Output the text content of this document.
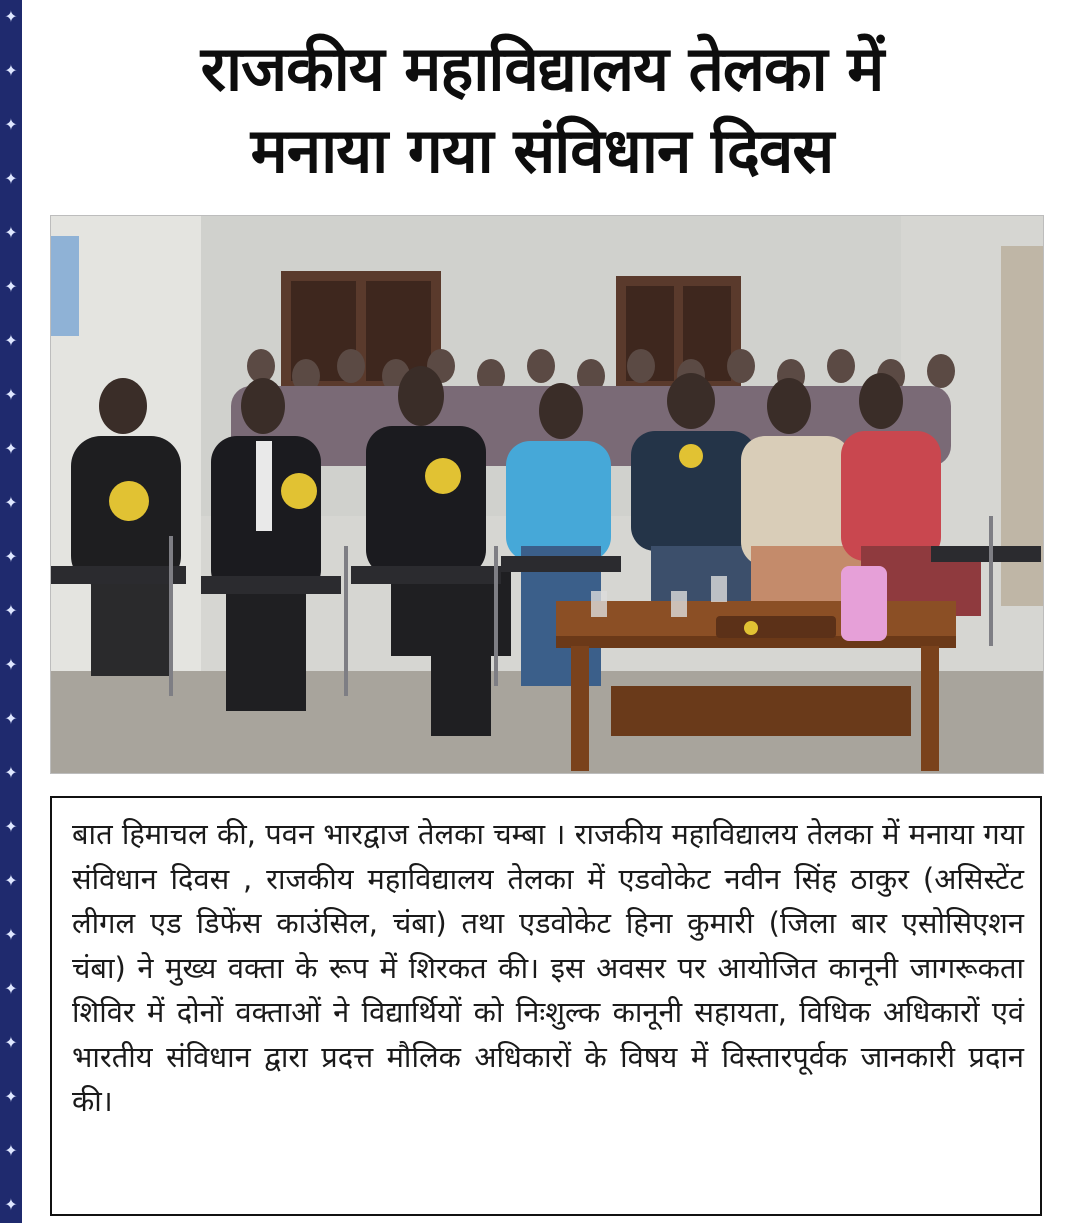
✦
✦
✦
✦
✦
✦
✦
✦
✦
✦
✦
✦
✦
✦
✦
✦
✦
✦
✦
✦
✦
✦
✦
राजकीय महाविद्यालय तेलका में
मनाया गया संविधान दिवस
बात हिमाचल की, पवन भारद्वाज तेलका चम्बा । राजकीय महाविद्यालय तेलका में मनाया गया संविधान दिवस , राजकीय महाविद्यालय तेलका में एडवोकेट नवीन सिंह ठाकुर (असिस्टेंट लीगल एड डिफेंस काउंसिल, चंबा) तथा एडवोकेट हिना कुमारी (जिला बार एसोसिएशन चंबा) ने मुख्य वक्ता के रूप में शिरकत की। इस अवसर पर आयोजित कानूनी जागरूकता शिविर में दोनों वक्ताओं ने विद्यार्थियों को निःशुल्क कानूनी सहायता, विधिक अधिकारों एवं भारतीय संविधान द्वारा प्रदत्त मौलिक अधिकारों के विषय में विस्तारपूर्वक जानकारी प्रदान की।
